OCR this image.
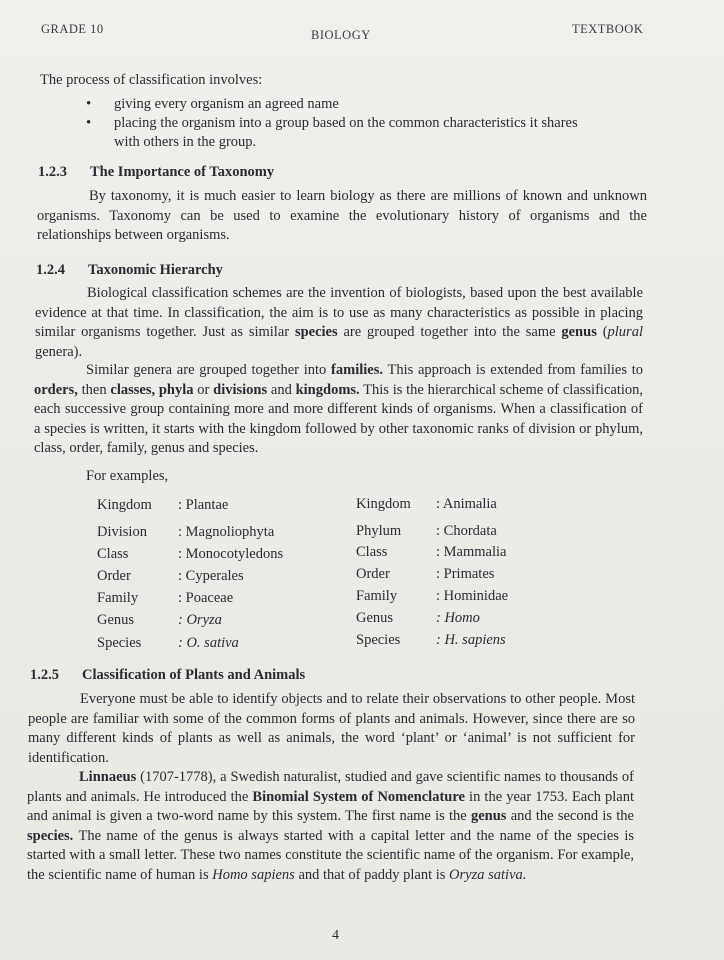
GRADE 10	BIOLOGY	TEXTBOOK

The process of classification involves:

• giving every organism an agreed name
• placing the organism into a group based on the common characteristics it shares with others in the group.

1.2.3 The Importance of Taxonomy

By taxonomy, it is much easier to learn biology as there are millions of known and unknown organisms. Taxonomy can be used to examine the evolutionary history of organisms and the relationships between organisms.

1.2.4 Taxonomic Hierarchy

Biological classification schemes are the invention of biologists, based upon the best available evidence at that time. In classification, the aim is to use as many characteristics as possible in placing similar organisms together. Just as similar species are grouped together into the same genus (plural genera).

Similar genera are grouped together into families. This approach is extended from families to orders, then classes, phyla or divisions and kingdoms. This is the hierarchical scheme of classification, each successive group containing more and more different kinds of organisms. When a classification of a species is written, it starts with the kingdom followed by other taxonomic ranks of division or phylum, class, order, family, genus and species.

For examples,
Kingdom : Plantae
Division : Magnoliophyta
Class	: Monocotyledons
Order	: Cyperales
Family	: Poaceae
Genus	: Oryza
Species	: O. sativa
Kingdom : Animalia
Phylum : Chordata
Class	: Mammalia
Order	: Primates
Family	: Hominidae
Genus	: Homo
Species : H. sapiens

1.2.5 Classification of Plants and Animals

Everyone must be able to identify objects and to relate their observations to other people. Most people are familiar with some of the common forms of plants and animals. However, since there are so many different kinds of plants as well as animals, the word ‘plant’ or ‘animal’ is not sufficient for identification.

Linnaeus (1707-1778), a Swedish naturalist, studied and gave scientific names to thousands of plants and animals. He introduced the Binomial System of Nomenclature in the year 1753. Each plant and animal is given a two-word name by this system. The first name is the genus and the second is the species. The name of the genus is always started with a capital letter and the name of the species is started with a small letter. These two names constitute the scientific name of the organism. For example, the scientific name of human is Homo sapiens and that of paddy plant is Oryza sativa.

4
